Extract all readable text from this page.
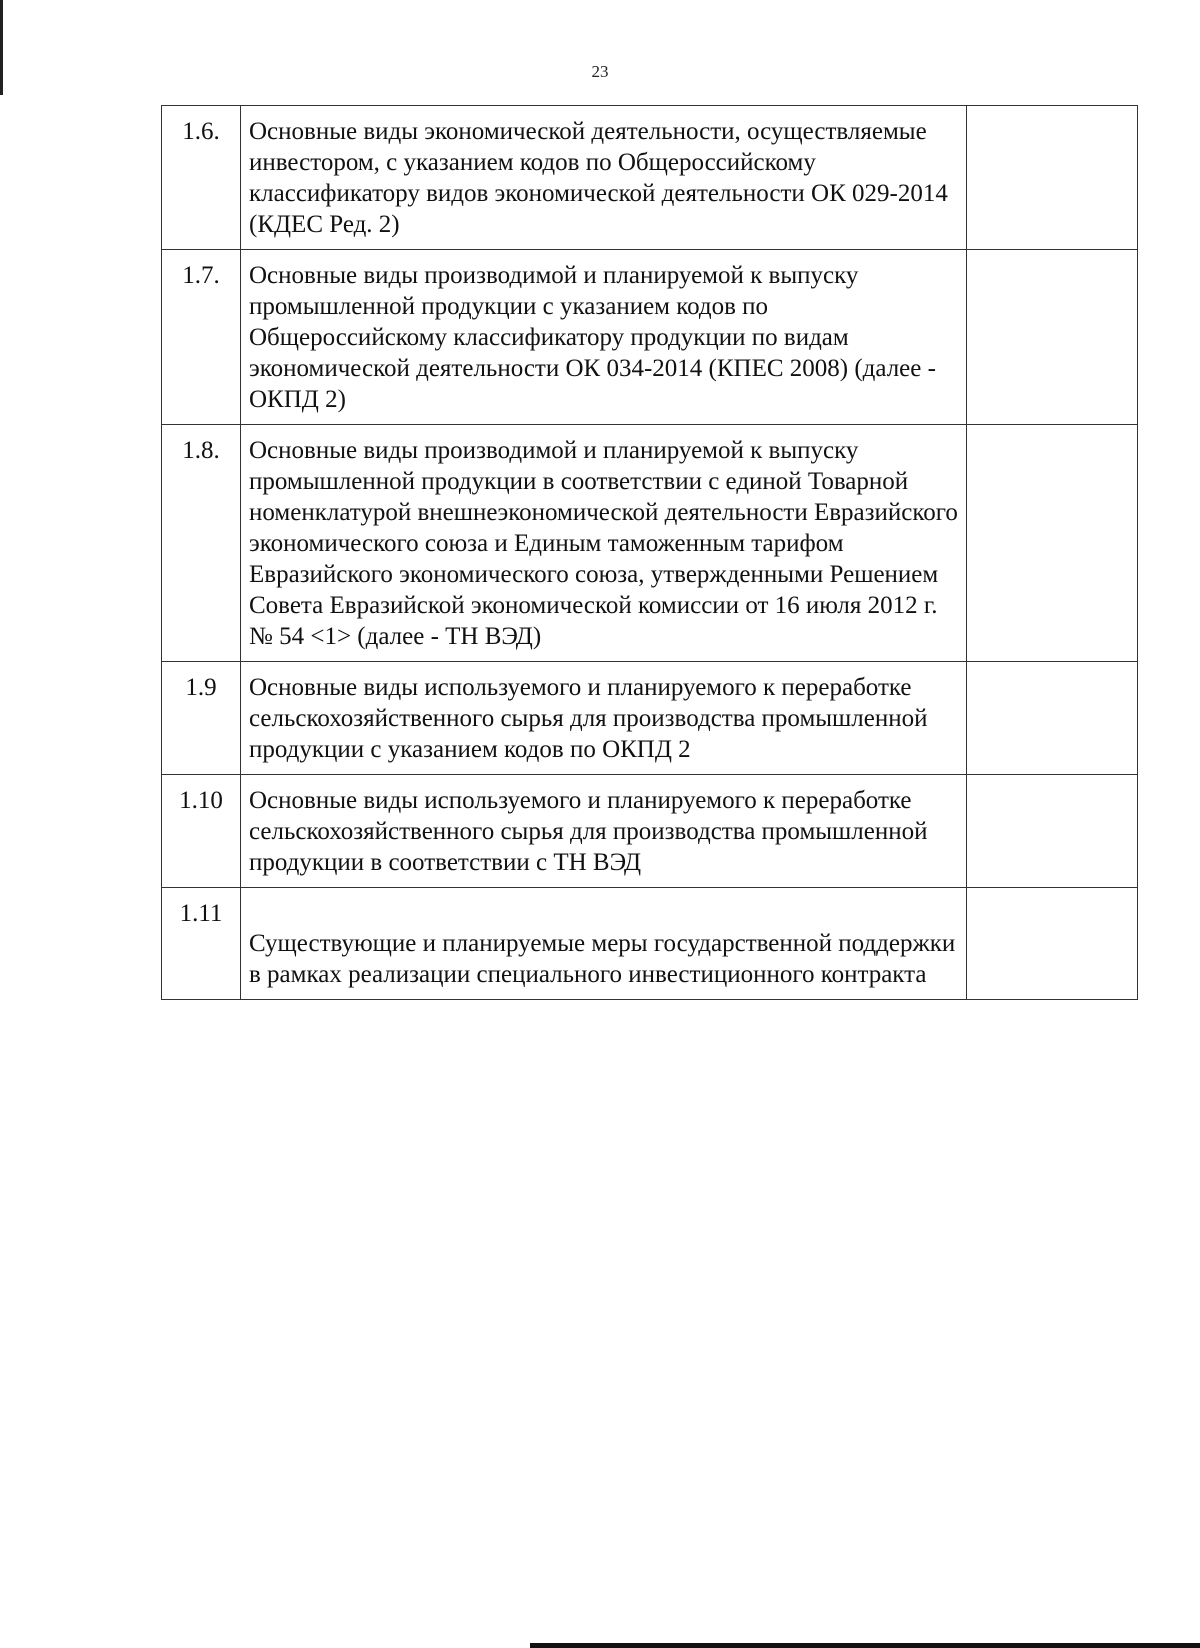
23
1.6.	Основные виды экономической деятельности, осуществляемые инвестором, с указанием кодов по Общероссийскому классификатору видов экономической деятельности ОК 029-2014 (КДЕС Ред. 2)	

1.7.	Основные виды производимой и планируемой к выпуску промышленной продукции с указанием кодов по Общероссийскому классификатору продукции по видам экономической деятельности ОК 034-2014 (КПЕС 2008) (далее - ОКПД 2)	

1.8.	Основные виды производимой и планируемой к выпуску промышленной продукции в соответствии с единой Товарной номенклатурой внешнеэкономической деятельности Евразийского экономического союза и Единым таможенным тарифом Евразийского экономического союза, утвержденными Решением Совета Евразийской экономической комиссии от 16 июля 2012 г. № 54 <1> (далее - ТН ВЭД)	

1.9	Основные виды используемого и планируемого к переработке сельскохозяйственного сырья для производства промышленной продукции с указанием кодов по ОКПД 2	

1.10	Основные виды используемого и планируемого к переработке сельскохозяйственного сырья для производства промышленной продукции в соответствии с ТН ВЭД	

1.11	Существующие и планируемые меры государственной поддержки в рамках реализации специального инвестиционного контракта	
